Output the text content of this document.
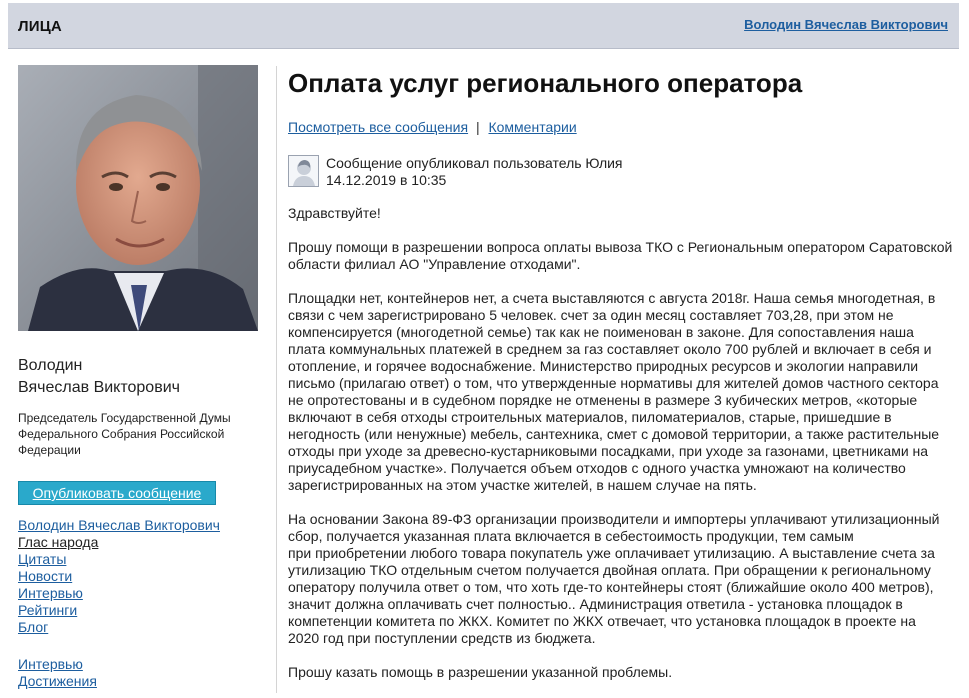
ЛИЦА	Володин Вячеслав Викторович
Володин
Вячеслав Викторович
Председатель Государственной Думы
Федерального Собрания Российской
Федерации
Опубликовать сообщение
Володин Вячеслав Викторович
Глас народа
Цитаты
Новости
Интервью
Рейтинги
Блог
Интервью
Достижения
Оплата услуг регионального оператора
Посмотреть все сообщения | Комментарии
Сообщение опубликовал пользователь Юлия
14.12.2019 в 10:35

Здравствуйте!

Прошу помощи в разрешении вопроса оплаты вывоза ТКО с Региональным оператором Саратовской
области филиал АО "Управление отходами".

Площадки нет, контейнеров нет, а счета выставляются с августа 2018г. Наша семья многодетная, в
связи с чем зарегистрировано 5 человек. счет за один месяц составляет 703,28, при этом не
компенсируется (многодетной семье) так как не поименован в законе. Для сопоставления наша
плата коммунальных платежей в среднем за газ составляет около 700 рублей и включает в себя и
отопление, и горячее водоснабжение. Министерство природных ресурсов и экологии направили
письмо (прилагаю ответ) о том, что утвержденные нормативы для жителей домов частного сектора
не опротестованы и в судебном порядке не отменены в размере 3 кубических метров, «которые
включают в себя отходы строительных материалов, пиломатериалов, старые, пришедшие в
негодность (или ненужные) мебель, сантехника, смет с домовой территории, а также растительные
отходы при уходе за древесно-кустарниковыми посадками, при уходе за газонами, цветниками на
приусадебном участке». Получается объем отходов с одного участка умножают на количество
зарегистрированных на этом участке жителей, в нашем случае на пять.

На основании Закона 89-ФЗ организации производители и импортеры уплачивают утилизационный
сбор, получается указанная плата включается в себестоимость продукции, тем самым
при приобретении любого товара покупатель уже оплачивает утилизацию. А выставление счета за
утилизацию ТКО отдельным счетом получается двойная оплата. При обращении к региональному
оператору получила ответ о том, что хоть где-то контейнеры стоят (ближайшие около 400 метров),
значит должна оплачивать счет полностью.. Администрация ответила - установка площадок в
компетенции комитета по ЖКХ. Комитет по ЖКХ отвечает, что установка площадок в проекте на
2020 год при поступлении средств из бюджета.

Прошу казать помощь в разрешении указанной проблемы.
